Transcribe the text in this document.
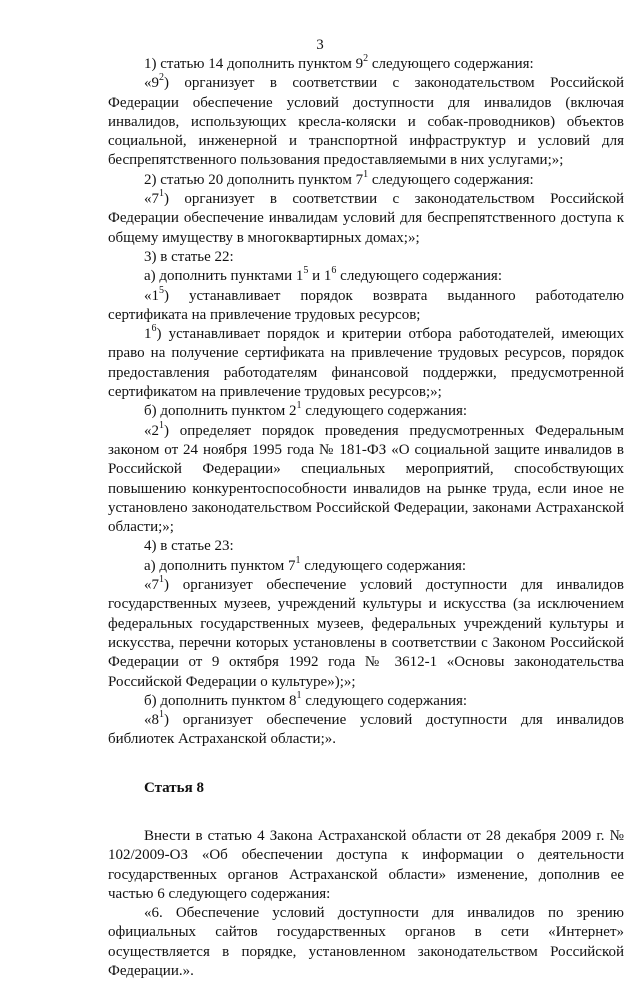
3

1) статью 14 дополнить пунктом $9^2$ следующего содержания:

«$9^2$) организует в соответствии с законодательством Российской Федерации обеспечение условий доступности для инвалидов (включая инвалидов, использующих кресла-коляски и собак-проводников) объектов социальной, инженерной и транспортной инфраструктур и условий для беспрепятственного пользования предоставляемыми в них услугами;»;

2) статью 20 дополнить пунктом $7^1$ следующего содержания:

«$7^1$) организует в соответствии с законодательством Российской Федерации обеспечение инвалидам условий для беспрепятственного доступа к общему имуществу в многоквартирных домах;»;

3) в статье 22:

а) дополнить пунктами $1^5$ и $1^6$ следующего содержания:

«$1^5$) устанавливает порядок возврата выданного работодателю сертификата на привлечение трудовых ресурсов;

$1^6$) устанавливает порядок и критерии отбора работодателей, имеющих право на получение сертификата на привлечение трудовых ресурсов, порядок предоставления работодателям финансовой поддержки, предусмотренной сертификатом на привлечение трудовых ресурсов;»;

б) дополнить пунктом $2^1$ следующего содержания:

«$2^1$) определяет порядок проведения предусмотренных Федеральным законом от 24 ноября 1995 года № 181-ФЗ «О социальной защите инвалидов в Российской Федерации» специальных мероприятий, способствующих повышению конкурентоспособности инвалидов на рынке труда, если иное не установлено законодательством Российской Федерации, законами Астраханской области;»;

4) в статье 23:

а) дополнить пунктом $7^1$ следующего содержания:

«$7^1$) организует обеспечение условий доступности для инвалидов государственных музеев, учреждений культуры и искусства (за исключением федеральных государственных музеев, федеральных учреждений культуры и искусства, перечни которых установлены в соответствии с Законом Российской Федерации от 9 октября 1992 года № 3612-1 «Основы законодательства Российской Федерации о культуре»);»;

б) дополнить пунктом $8^1$ следующего содержания:

«$8^1$) организует обеспечение условий доступности для инвалидов библиотек Астраханской области;».

Статья 8

Внести в статью 4 Закона Астраханской области от 28 декабря 2009 г. № 102/2009-ОЗ «Об обеспечении доступа к информации о деятельности государственных органов Астраханской области» изменение, дополнив ее частью 6 следующего содержания:

«6. Обеспечение условий доступности для инвалидов по зрению официальных сайтов государственных органов в сети «Интернет» осуществляется в порядке, установленном законодательством Российской Федерации.».
